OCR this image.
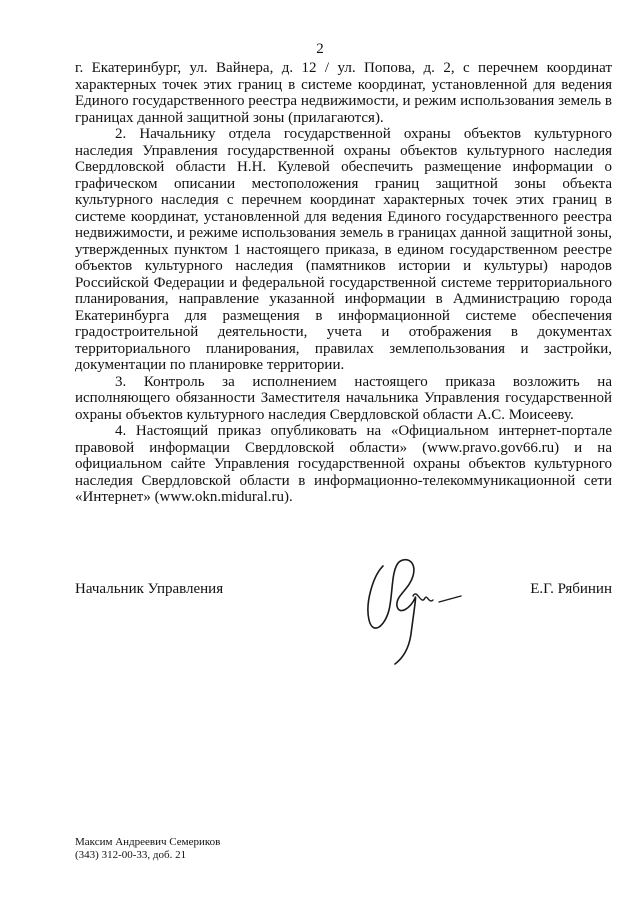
2

г. Екатеринбург, ул. Вайнера, д. 12 / ул. Попова, д. 2, с перечнем координат характерных точек этих границ в системе координат, установленной для ведения Единого государственного реестра недвижимости, и режим использования земель в границах данной защитной зоны (прилагаются).

2. Начальнику отдела государственной охраны объектов культурного наследия Управления государственной охраны объектов культурного наследия Свердловской области Н.Н. Кулевой обеспечить размещение информации о графическом описании местоположения границ защитной зоны объекта культурного наследия с перечнем координат характерных точек этих границ в системе координат, установленной для ведения Единого государственного реестра недвижимости, и режиме использования земель в границах данной защитной зоны, утвержденных пунктом 1 настоящего приказа, в едином государственном реестре объектов культурного наследия (памятников истории и культуры) народов Российской Федерации и федеральной государственной системе территориального планирования, направление указанной информации в Администрацию города Екатеринбурга для размещения в информационной системе обеспечения градостроительной деятельности, учета и отображения в документах территориального планирования, правилах землепользования и застройки, документации по планировке территории.

3. Контроль за исполнением настоящего приказа возложить на исполняющего обязанности Заместителя начальника Управления государственной охраны объектов культурного наследия Свердловской области А.С. Моисееву.

4. Настоящий приказ опубликовать на «Официальном интернет-портале правовой информации Свердловской области» (www.pravo.gov66.ru) и на официальном сайте Управления государственной охраны объектов культурного наследия Свердловской области в информационно-телекоммуникационной сети «Интернет» (www.okn.midural.ru).

Начальник Управления	Е.Г. Рябинин
Максим Андреевич Семериков
(343) 312-00-33, доб. 21
